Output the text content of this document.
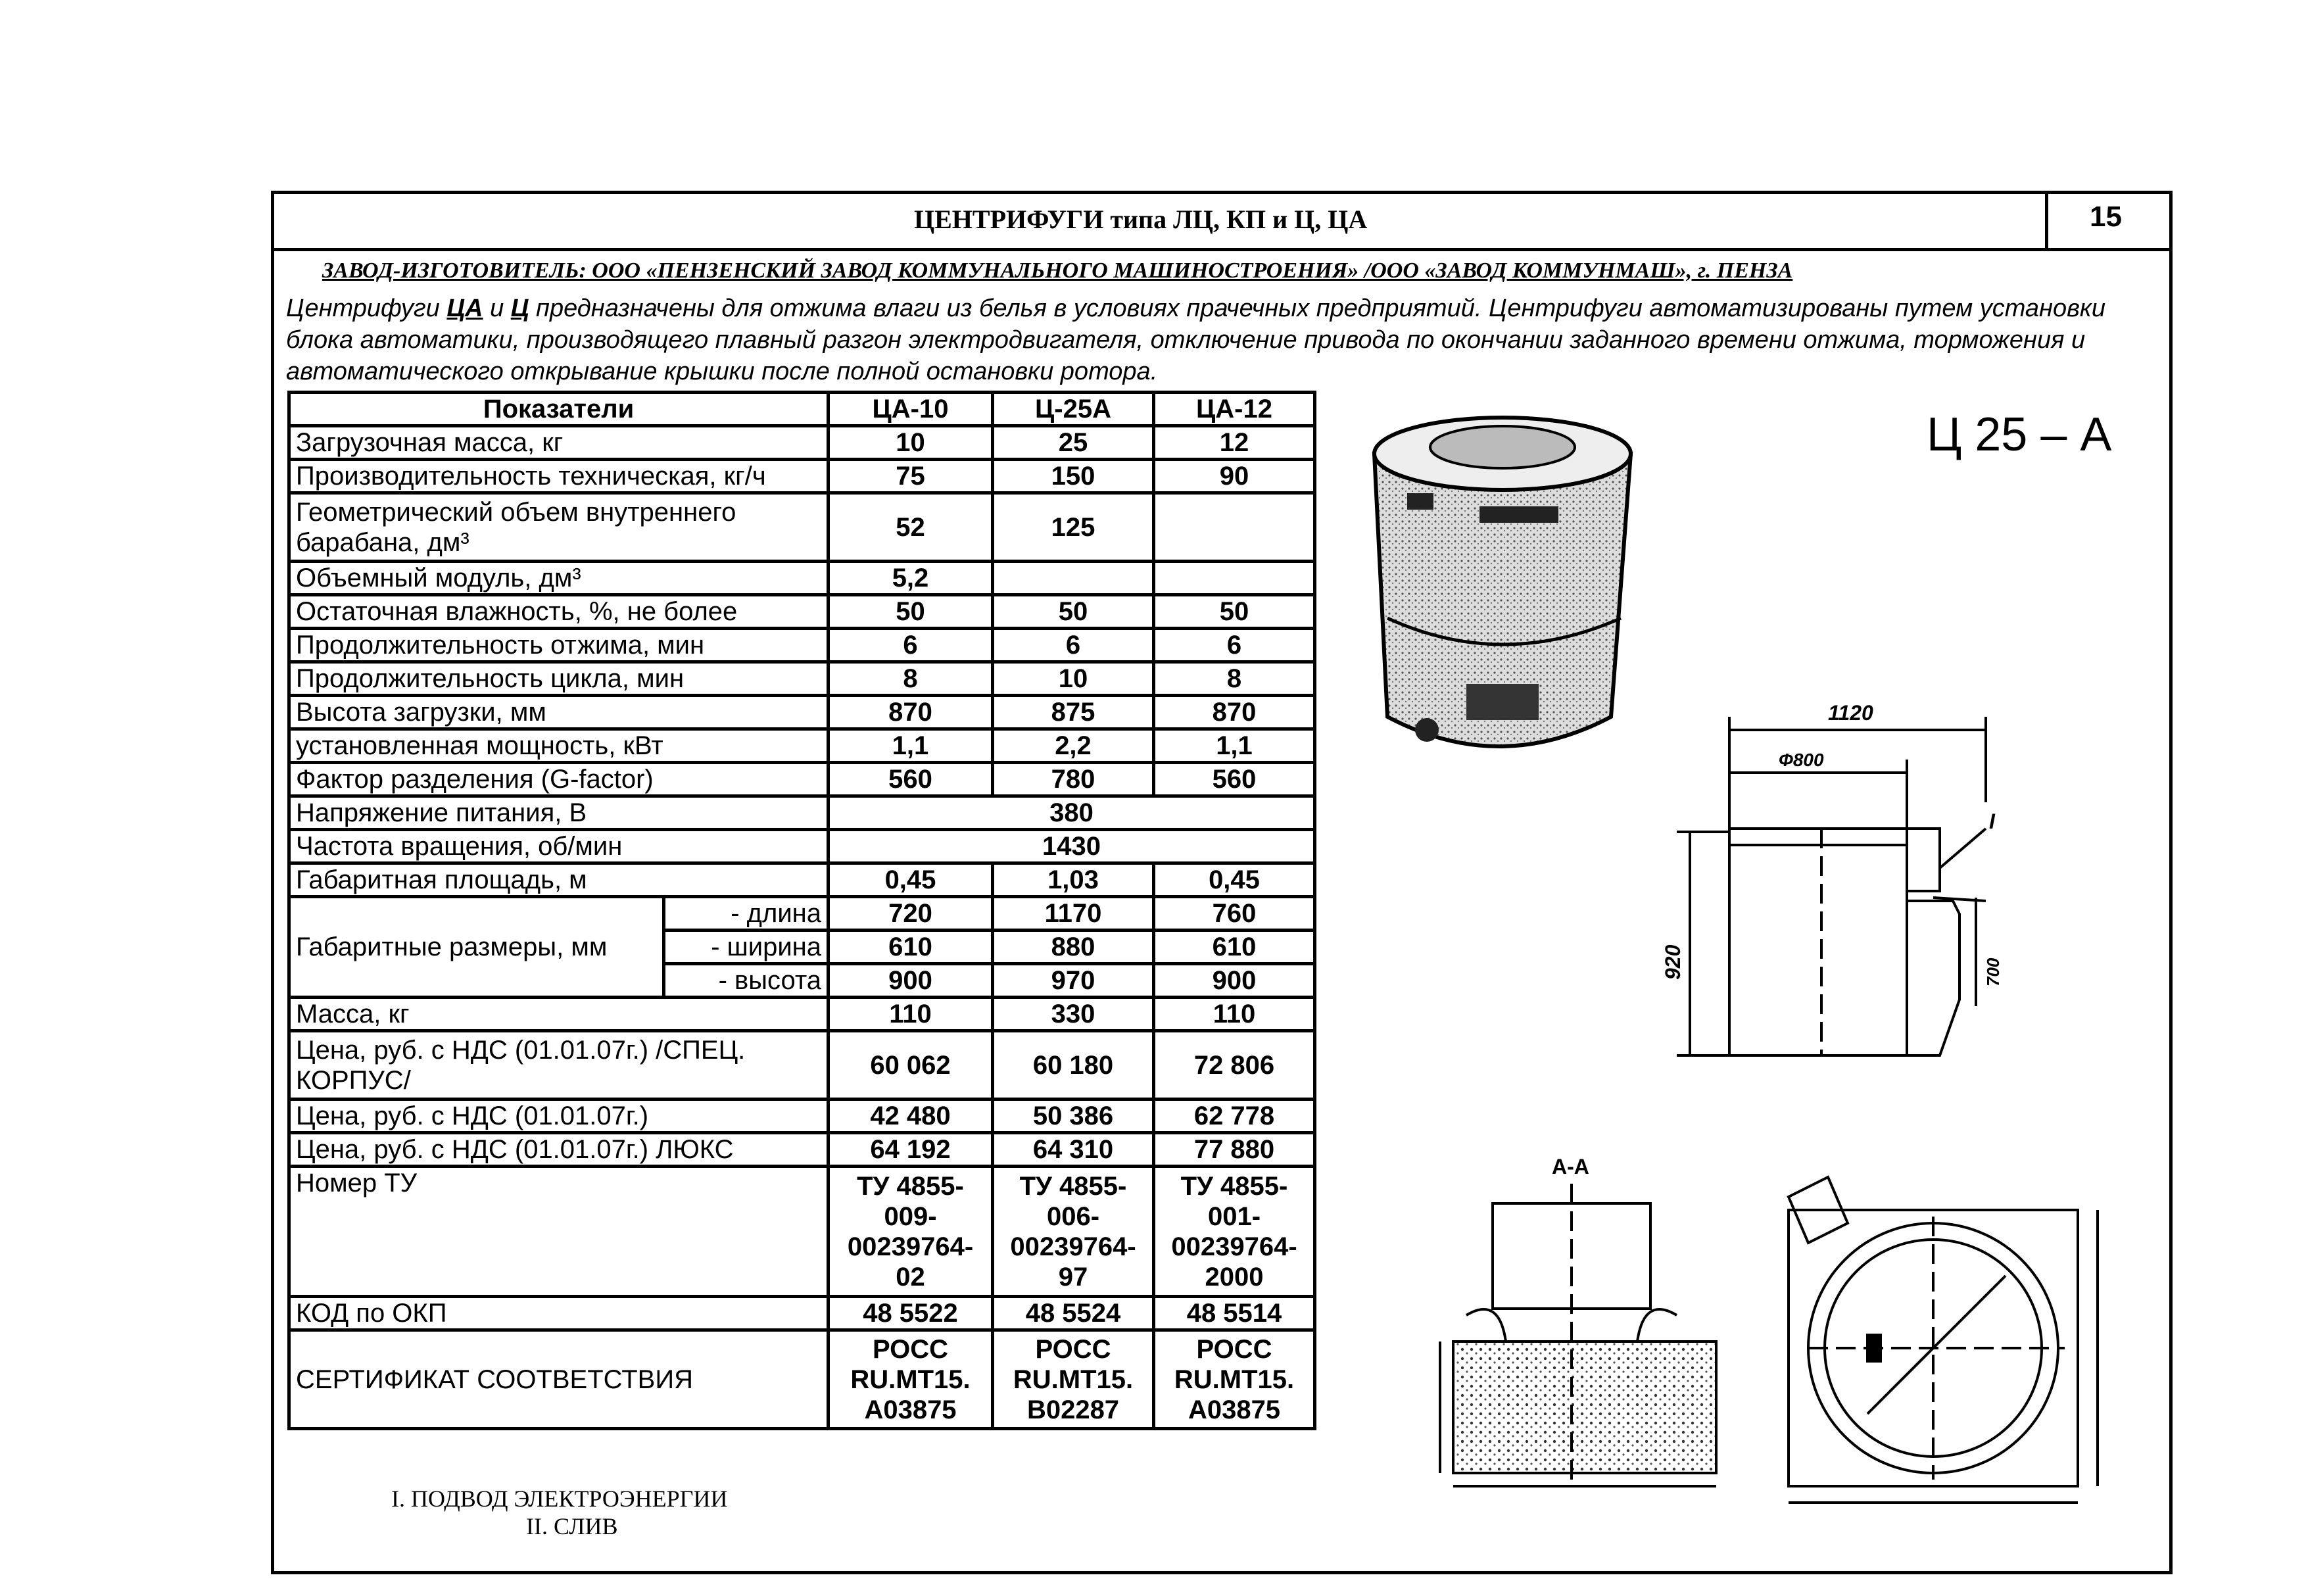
ЦЕНТРИФУГИ типа ЛЦ, КП и Ц, ЦА	15
ЗАВОД-ИЗГОТОВИТЕЛЬ: ООО «ПЕНЗЕНСКИЙ ЗАВОД КОММУНАЛЬНОГО МАШИНОСТРОЕНИЯ» /ООО «ЗАВОД КОММУНМАШ», г. ПЕНЗА
Центрифуги ЦА и Ц предназначены для отжима влаги из белья в условиях прачечных предприятий. Центрифуги автоматизированы путем установки блока автоматики, производящего плавный разгон электродвигателя, отключение привода по окончании заданного времени отжима, торможения и автоматического открывание крышки после полной остановки ротора.
Показатели		ЦА-10	Ц-25А	ЦА-12
Загрузочная масса, кг		10	25	12
Производительность техническая, кг/ч		75	150	90
Геометрический объем внутреннего барабана, дм³		52	125	
Объемный модуль, дм³		5,2		
Остаточная влажность, %, не более		50	50	50
Продолжительность отжима, мин		6	6	6
Продолжительность цикла, мин		8	10	8
Высота загрузки, мм		870	875	870
установленная мощность, кВт		1,1	2,2	1,1
Фактор разделения (G-factor)		560	780	560
Напряжение питания, В		380		
Частота вращения, об/мин		1430		
Габаритная площадь, м		0,45	1,03	0,45
Габаритные размеры, мм	- длина	720	1170	760
	- ширина	610	880	610
	- высота	900	970	900
Масса, кг		110	330	110
Цена, руб. с НДС (01.01.07г.) /СПЕЦ. КОРПУС/		60 062	60 180	72 806
Цена, руб. с НДС (01.01.07г.)		42 480	50 386	62 778
Цена, руб. с НДС (01.01.07г.) ЛЮКС		64 192	64 310	77 880
Номер ТУ		ТУ 4855-009-00239764-02	ТУ 4855-006-00239764-97	ТУ 4855-001-00239764-2000
КОД по ОКП		48 5522	48 5524	48 5514
СЕРТИФИКАТ СООТВЕТСТВИЯ		РОСС RU.МТ15. А03875	РОСС RU.МТ15. В02287	РОСС RU.МТ15. А03875
I. ПОДВОД ЭЛЕКТРОЭНЕРГИИ
II. СЛИВ
Ц 25 – А
1120
Ф800
I
920	700
А-А
